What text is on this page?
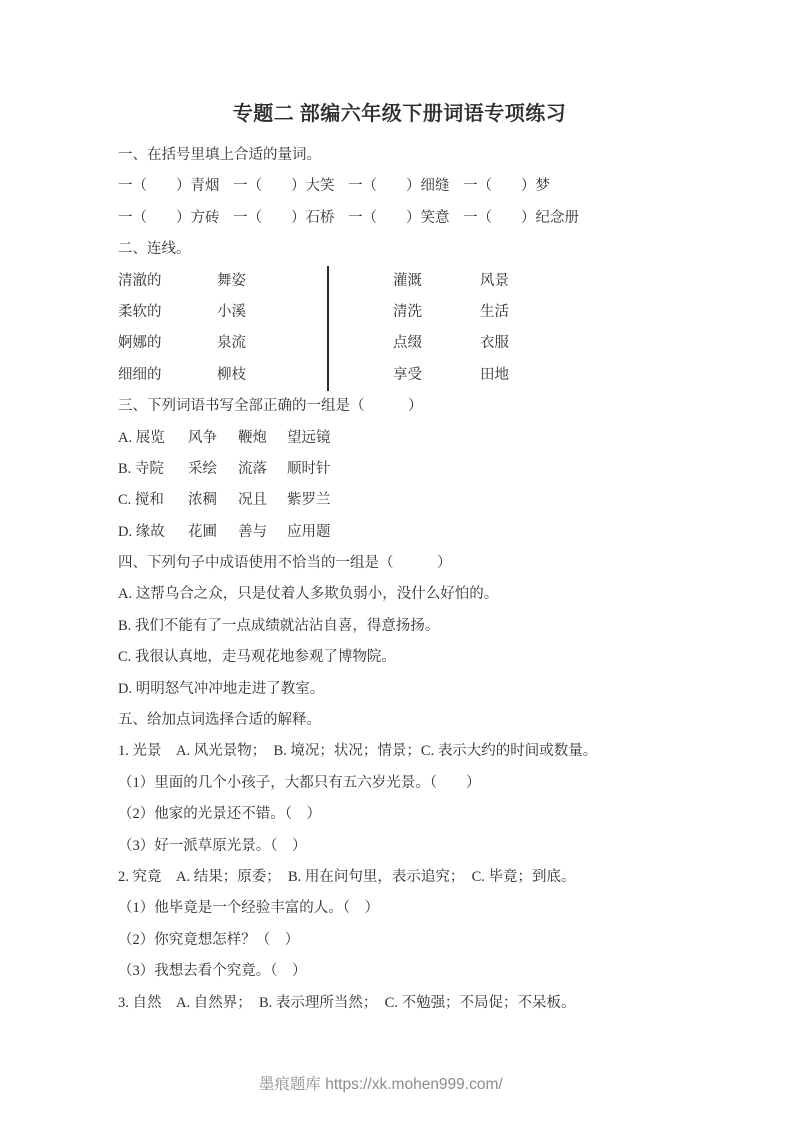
专题二 部编六年级下册词语专项练习
一、在括号里填上合适的量词。
一（　　）青烟 一（　　）大笑 一（　　）细缝 一（　　）梦
一（　　）方砖 一（　　）石桥 一（　　）笑意 一（　　）纪念册
二、连线。
清澈的	舞姿
柔软的	小溪
婀娜的	泉流
细细的	柳枝
灌溉	风景
清洗	生活
点缀	衣服
享受	田地
三、下列词语书写全部正确的一组是（　　　）
A. 展览	风争	鞭炮	望远镜
B. 寺院	采绘	流落	顺时针
C. 搅和	浓稠	况且	紫罗兰
D. 缘故	花圃	善与	应用题
四、下列句子中成语使用不恰当的一组是（　　　）
A. 这帮乌合之众，只是仗着人多欺负弱小，没什么好怕的。
B. 我们不能有了一点成绩就沾沾自喜，得意扬扬。
C. 我很认真地，走马观花地参观了博物院。
D. 明明怒气冲冲地走进了教室。
五、给加点词选择合适的解释。
1. 光景　A. 风光景物；　B. 境况；状况；情景；C. 表示大约的时间或数量。
（1）里面的几个小孩子，大都只有五六岁光景。（　　）
（2）他家的光景还不错。（　）
（3）好一派草原光景。（　）
2. 究竟　A. 结果；原委；　B. 用在问句里，表示追究；　C. 毕竟；到底。
（1）他毕竟是一个经验丰富的人。（　）
（2）你究竟想怎样？（　）
（3）我想去看个究竟。（　）
3. 自然　A. 自然界；　B. 表示理所当然；　C. 不勉强；不局促；不呆板。

墨痕题库 https://xk.mohen999.com/
